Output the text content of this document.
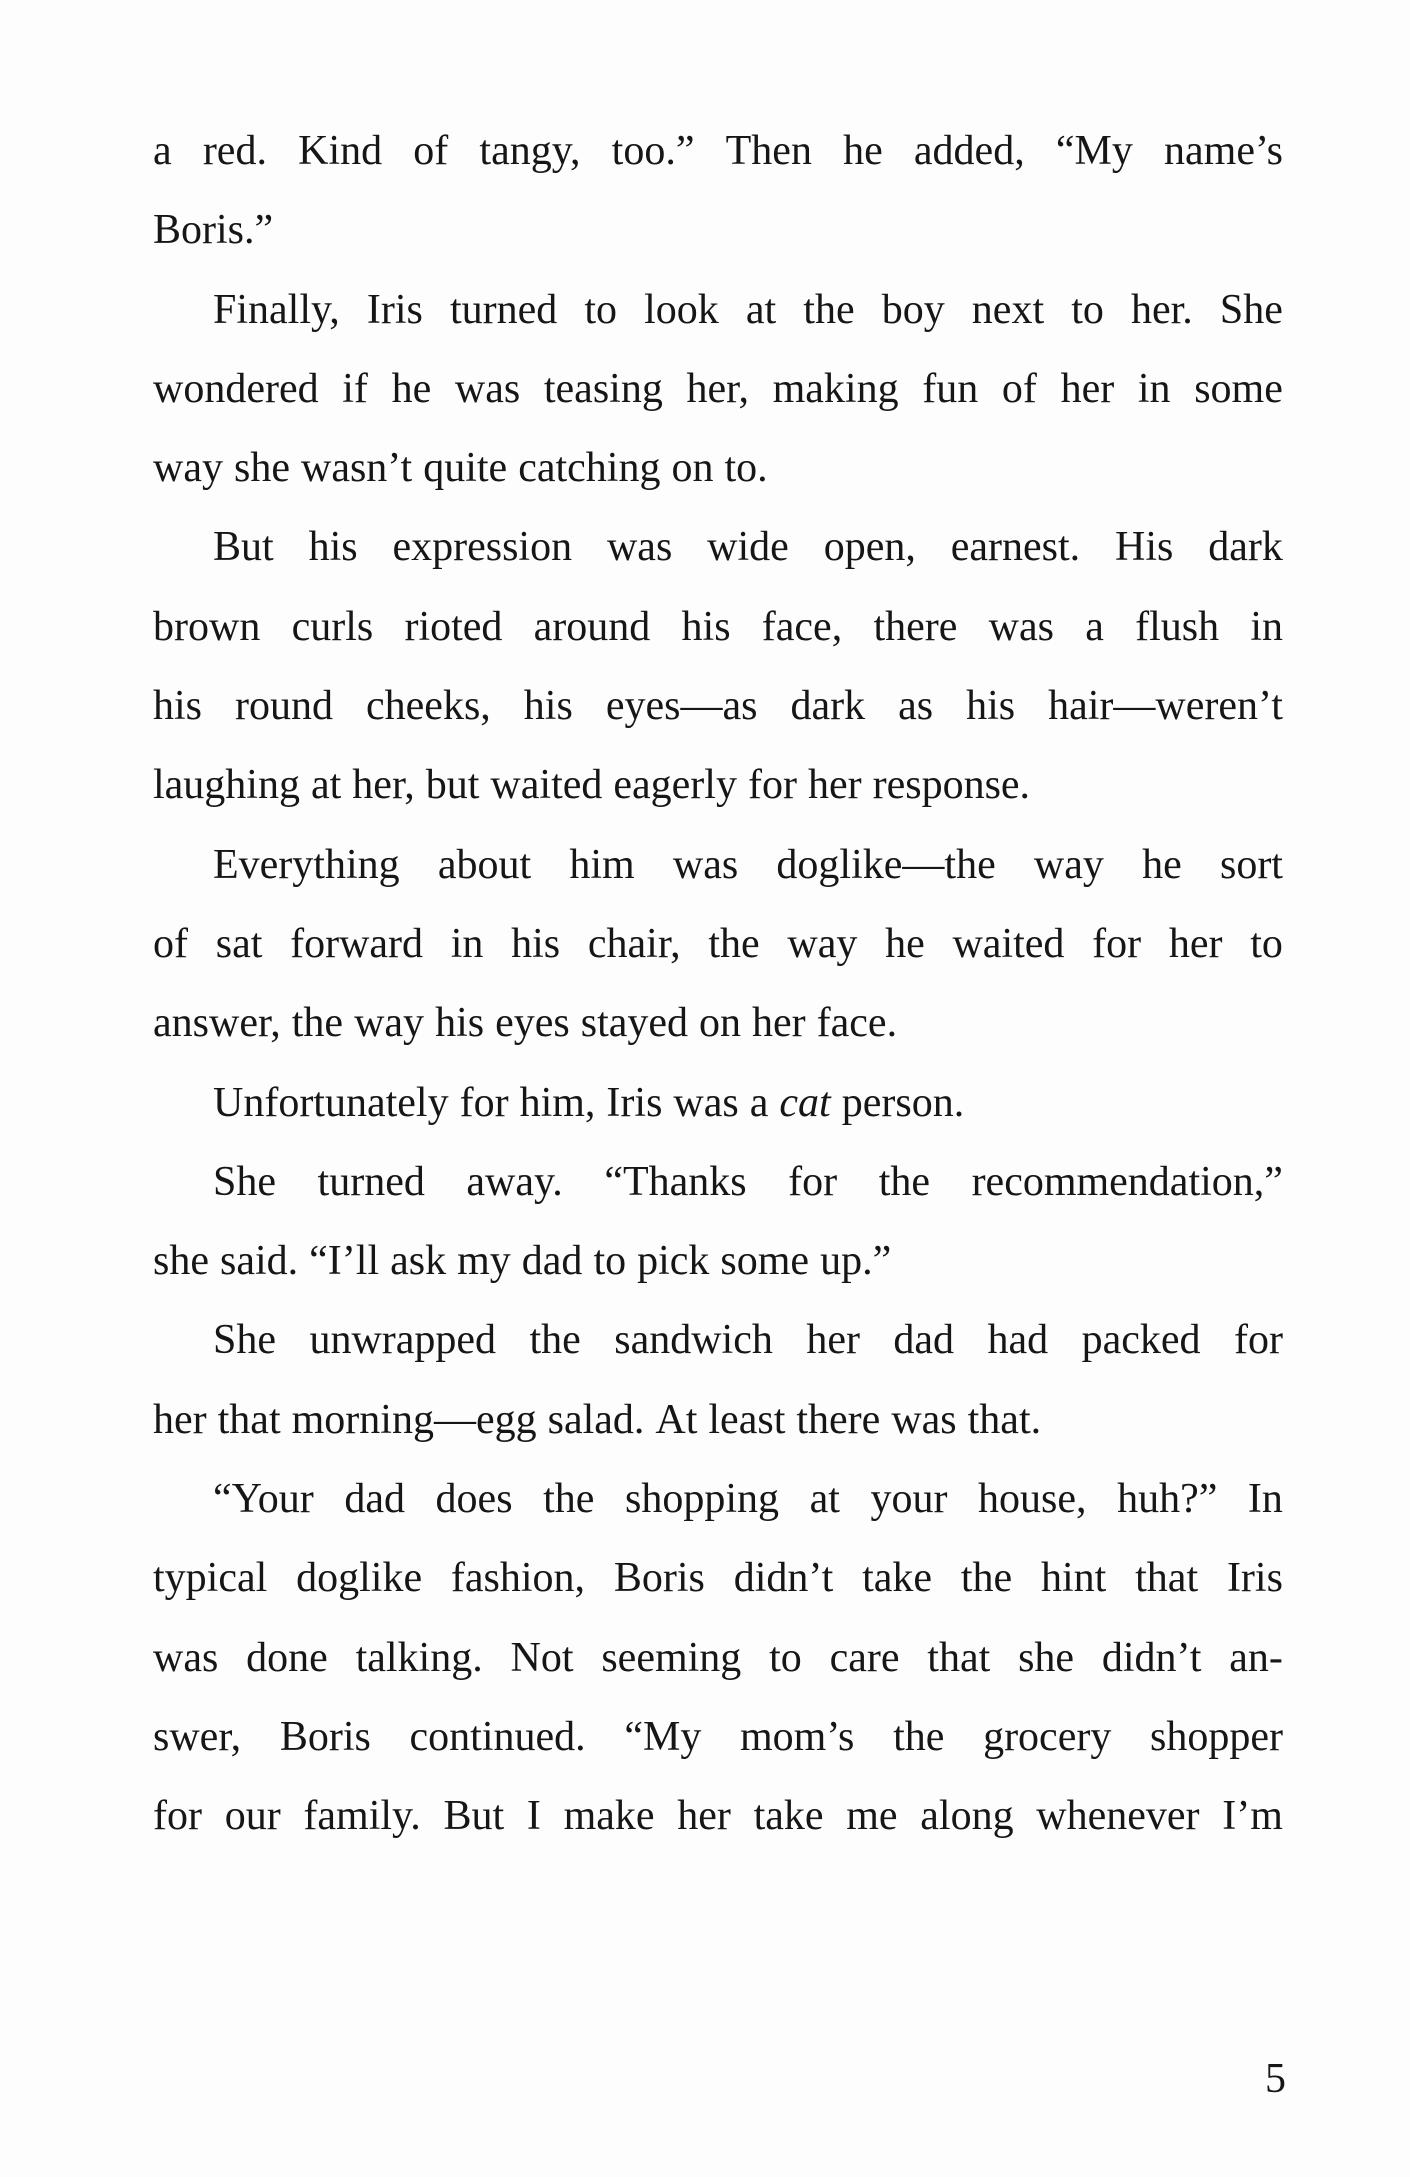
a red. Kind of tangy, too.” Then he added, “My name’s
Boris.”
Finally, Iris turned to look at the boy next to her. She
wondered if he was teasing her, making fun of her in some
way she wasn’t quite catching on to.
But his expression was wide open, earnest. His dark
brown curls rioted around his face, there was a flush in
his round cheeks, his eyes—as dark as his hair—weren’t
laughing at her, but waited eagerly for her response.
Everything about him was doglike—the way he sort
of sat forward in his chair, the way he waited for her to
answer, the way his eyes stayed on her face.
Unfortunately for him, Iris was a cat person.
She turned away. “Thanks for the recommendation,”
she said. “I’ll ask my dad to pick some up.”
She unwrapped the sandwich her dad had packed for
her that morning—egg salad. At least there was that.
“Your dad does the shopping at your house, huh?” In
typical doglike fashion, Boris didn’t take the hint that Iris
was done talking. Not seeming to care that she didn’t an-
swer, Boris continued. “My mom’s the grocery shopper
for our family. But I make her take me along whenever I’m
5
